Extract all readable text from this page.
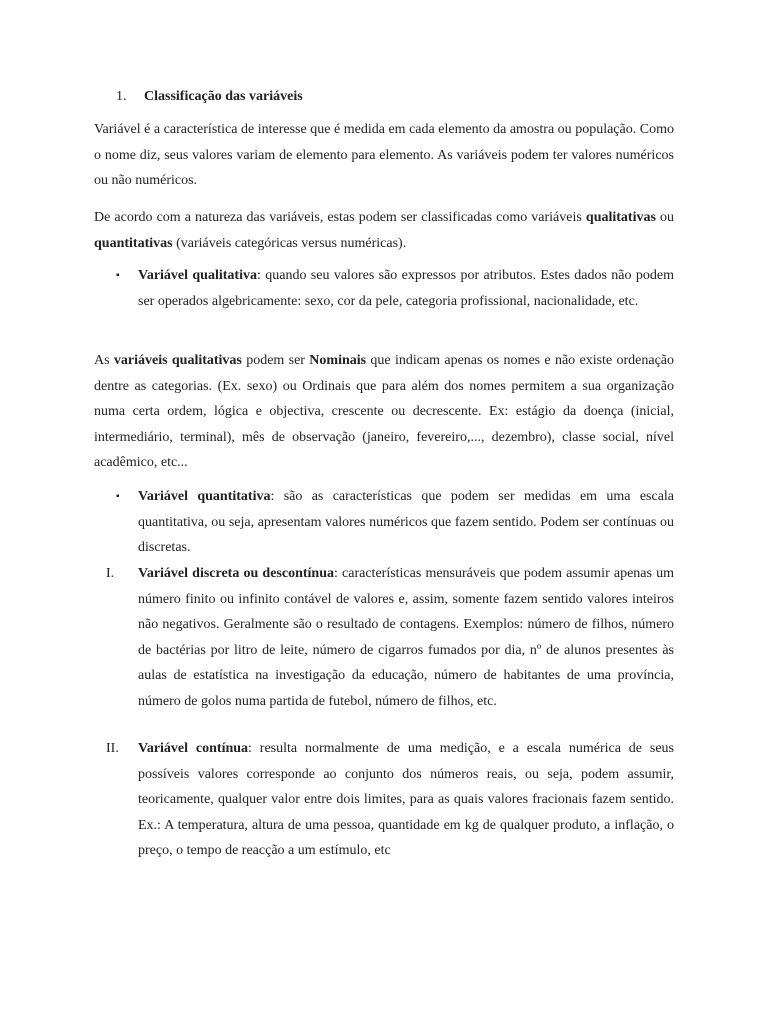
1. Classificação das variáveis

Variável é a característica de interesse que é medida em cada elemento da amostra ou população. Como o nome diz, seus valores variam de elemento para elemento. As variáveis podem ter valores numéricos ou não numéricos.

De acordo com a natureza das variáveis, estas podem ser classificadas como variáveis qualitativas ou quantitativas (variáveis categóricas versus numéricas).

▪	Variável qualitativa: quando seu valores são expressos por atributos. Estes dados não podem ser operados algebricamente: sexo, cor da pele, categoria profissional, nacionalidade, etc.

As variáveis qualitativas podem ser Nominais que indicam apenas os nomes e não existe ordenação dentre as categorias. (Ex. sexo) ou Ordinais que para além dos nomes permitem a sua organização numa certa ordem, lógica e objectiva, crescente ou decrescente. Ex: estágio da doença (inicial, intermediário, terminal), mês de observação (janeiro, fevereiro,..., dezembro), classe social, nível acadêmico, etc...

▪	Variável quantitativa: são as características que podem ser medidas em uma escala quantitativa, ou seja, apresentam valores numéricos que fazem sentido. Podem ser contínuas ou discretas.

I. Variável discreta ou descontínua: características mensuráveis que podem assumir apenas um número finito ou infinito contável de valores e, assim, somente fazem sentido valores inteiros não negativos. Geralmente são o resultado de contagens. Exemplos: número de filhos, número de bactérias por litro de leite, número de cigarros fumados por dia, nº de alunos presentes às aulas de estatística na investigação da educação, número de habitantes de uma província, número de golos numa partida de futebol, número de filhos, etc.

II. Variável contínua: resulta normalmente de uma medição, e a escala numérica de seus possíveis valores corresponde ao conjunto dos números reais, ou seja, podem assumir, teoricamente, qualquer valor entre dois limites, para as quais valores fracionais fazem sentido. Ex.: A temperatura, altura de uma pessoa, quantidade em kg de qualquer produto, a inflação, o preço, o tempo de reacção a um estímulo, etc
